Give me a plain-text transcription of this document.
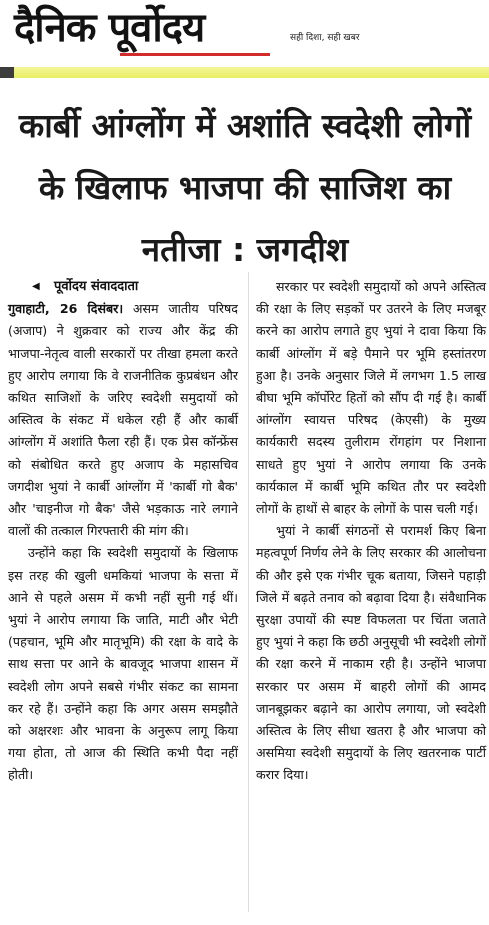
दैनिक पूर्वोदय	सही दिशा, सही खबर
कार्बी आंग्लोंग में अशांति स्वदेशी लोगों के खिलाफ भाजपा की साजिश का नतीजा : जगदीश
◀ पूर्वोदय संवाददाता

गुवाहाटी, 26 दिसंबर। असम जातीय परिषद (अजाप) ने शुक्रवार को राज्य और केंद्र की भाजपा-नेतृत्व वाली सरकारों पर तीखा हमला करते हुए आरोप लगाया कि वे राजनीतिक कुप्रबंधन और कथित साजिशों के जरिए स्वदेशी समुदायों को अस्तित्व के संकट में धकेल रही हैं और कार्बी आंग्लोंग में अशांति फैला रही हैं। एक प्रेस कॉन्फ्रेंस को संबोधित करते हुए अजाप के महासचिव जगदीश भुयां ने कार्बी आंग्लोंग में 'कार्बी गो बैक' और 'चाइनीज गो बैक' जैसे भड़काऊ नारे लगाने वालों की तत्काल गिरफ्तारी की मांग की।

उन्होंने कहा कि स्वदेशी समुदायों के खिलाफ इस तरह की खुली धमकियां भाजपा के सत्ता में आने से पहले असम में कभी नहीं सुनी गई थीं। भुयां ने आरोप लगाया कि जाति, माटी और भेटी (पहचान, भूमि और मातृभूमि) की रक्षा के वादे के साथ सत्ता पर आने के बावजूद भाजपा शासन में स्वदेशी लोग अपने सबसे गंभीर संकट का सामना कर रहे हैं। उन्होंने कहा कि अगर असम समझौते को अक्षरशः और भावना के अनुरूप लागू किया गया होता, तो आज की स्थिति कभी पैदा नहीं होती।

सरकार पर स्वदेशी समुदायों को अपने अस्तित्व की रक्षा के लिए सड़कों पर उतरने के लिए मजबूर करने का आरोप लगाते हुए भुयां ने दावा किया कि कार्बी आंग्लोंग में बड़े पैमाने पर भूमि हस्तांतरण हुआ है। उनके अनुसार जिले में लगभग 1.5 लाख बीघा भूमि कॉर्पोरेट हितों को सौंप दी गई है। कार्बी आंग्लोंग स्वायत्त परिषद (केएसी) के मुख्य कार्यकारी सदस्य तुलीराम रोंगहांग पर निशाना साधते हुए भुयां ने आरोप लगाया कि उनके कार्यकाल में कार्बी भूमि कथित तौर पर स्वदेशी लोगों के हाथों से बाहर के लोगों के पास चली गई।

भुयां ने कार्बी संगठनों से परामर्श किए बिना महत्वपूर्ण निर्णय लेने के लिए सरकार की आलोचना की और इसे एक गंभीर चूक बताया, जिसने पहाड़ी जिले में बढ़ते तनाव को बढ़ावा दिया है। संवैधानिक सुरक्षा उपायों की स्पष्ट विफलता पर चिंता जताते हुए भुयां ने कहा कि छठी अनुसूची भी स्वदेशी लोगों की रक्षा करने में नाकाम रही है। उन्होंने भाजपा सरकार पर असम में बाहरी लोगों की आमद जानबूझकर बढ़ाने का आरोप लगाया, जो स्वदेशी अस्तित्व के लिए सीधा खतरा है और भाजपा को असमिया स्वदेशी समुदायों के लिए खतरनाक पार्टी करार दिया।
